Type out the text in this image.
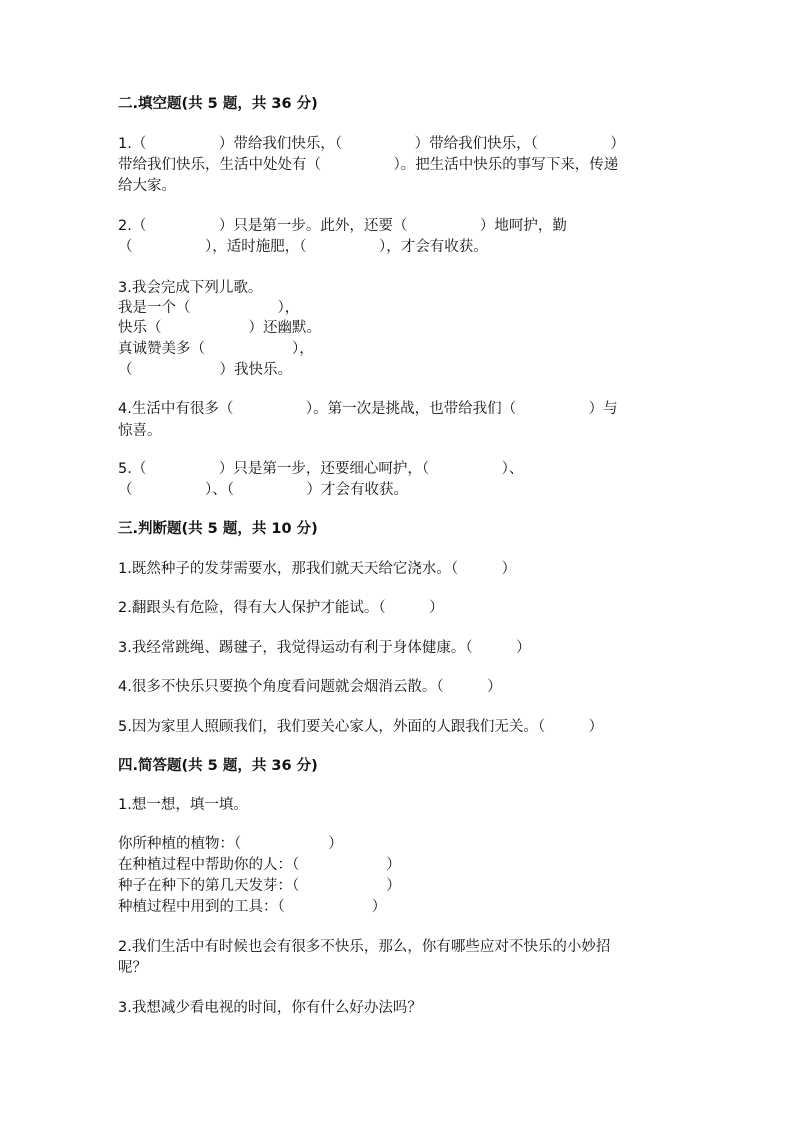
二.填空题(共 5 题，共 36 分)

1.（　　　　　）带给我们快乐，（　　　　　）带给我们快乐，（　　　　　）

带给我们快乐，生活中处处有（　　　　　）。把生活中快乐的事写下来，传递

给大家。

2.（　　　　　）只是第一步。此外，还要（　　　　　）地呵护，勤

（　　　　　），适时施肥，（　　　　　），才会有收获。

3.我会完成下列儿歌。

我是一个（　　　　　　），

快乐（　　　　　　）还幽默。

真诚赞美多（　　　　　　），

（　　　　　　）我快乐。

4.生活中有很多（　　　　　）。第一次是挑战，也带给我们（　　　　　）与

惊喜。

5.（　　　　　）只是第一步，还要细心呵护，（　　　　　）、

（　　　　　）、（　　　　　）才会有收获。

三.判断题(共 5 题，共 10 分)

1.既然种子的发芽需要水，那我们就天天给它浇水。（　　　）

2.翻跟头有危险，得有大人保护才能试。（　　　）

3.我经常跳绳、踢毽子，我觉得运动有利于身体健康。（　　　）

4.很多不快乐只要换个角度看问题就会烟消云散。（　　　）

5.因为家里人照顾我们，我们要关心家人，外面的人跟我们无关。（　　　）

四.简答题(共 5 题，共 36 分)

1.想一想，填一填。

你所种植的植物：（　　　　　　）

在种植过程中帮助你的人：（　　　　　　）

种子在种下的第几天发芽：（　　　　　　）

种植过程中用到的工具：（　　　　　　）

2.我们生活中有时候也会有很多不快乐，那么，你有哪些应对不快乐的小妙招

呢？

3.我想减少看电视的时间，你有什么好办法吗？
